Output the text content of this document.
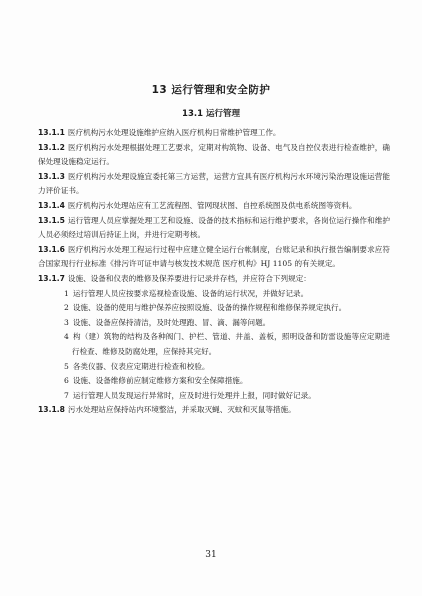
13 运行管理和安全防护
13.1 运行管理

13.1.1 医疗机构污水处理设施维护应纳入医疗机构日常维护管理工作。

13.1.2 医疗机构污水处理根据处理工艺要求，定期对构筑物、设备、电气及自控仪表进行检查维护，确保处理设施稳定运行。

13.1.3 医疗机构污水处理设施宜委托第三方运营，运营方宜具有医疗机构污水环境污染治理设施运营能力评价证书。

13.1.4 医疗机构污水处理站应有工艺流程图、管网现状图、自控系统图及供电系统图等资料。

13.1.5 运行管理人员应掌握处理工艺和设施、设备的技术指标和运行维护要求，各岗位运行操作和维护人员必须经过培训后持证上岗，并进行定期考核。

13.1.6 医疗机构污水处理工程运行过程中应建立健全运行台帐制度，台账记录和执行报告编制要求应符合国家现行行业标准《排污许可证申请与核发技术规范 医疗机构》HJ 1105 的有关规定。

13.1.7 设施、设备和仪表的维修及保养要进行记录并存档，并应符合下列规定：

1 运行管理人员应按要求巡视检查设施、设备的运行状况，并做好记录。

2 设施、设备的使用与维护保养应按照设施、设备的操作规程和维修保养规定执行。

3 设施、设备应保持清洁，及时处理跑、冒、滴、漏等问题。

4 构（建）筑物的结构及各种阀门、护栏、管道、井盖、盖板，照明设备和防雷设施等应定期进行检查、维修及防腐处理，应保持其完好。

5 各类仪器、仪表应定期进行检查和校验。

6 设施、设备维修前应制定维修方案和安全保障措施。

7 运行管理人员发现运行异常时，应及时进行处理并上报，同时做好记录。

13.1.8 污水处理站应保持站内环境整洁，并采取灭蝇、灭蚊和灭鼠等措施。

31
